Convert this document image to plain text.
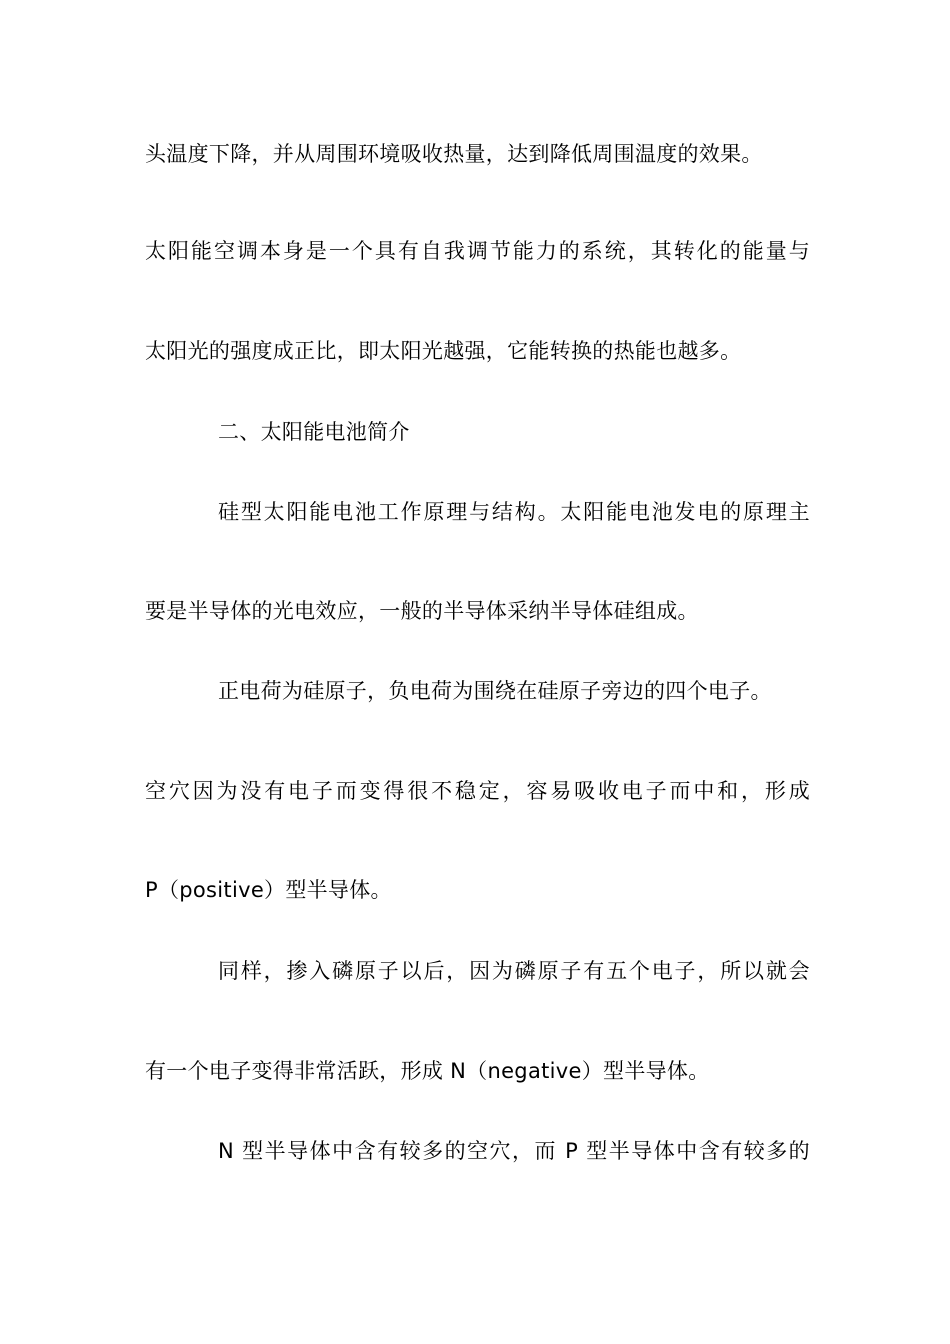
头温度下降，并从周围环境吸收热量，达到降低周围温度的效果。
太阳能空调本身是一个具有自我调节能力的系统，其转化的能量与
太阳光的强度成正比，即太阳光越强，它能转换的热能也越多。
二、太阳能电池简介
硅型太阳能电池工作原理与结构。太阳能电池发电的原理主
要是半导体的光电效应，一般的半导体采纳半导体硅组成。
正电荷为硅原子，负电荷为围绕在硅原子旁边的四个电子。
空穴因为没有电子而变得很不稳定，容易吸收电子而中和，形成
P（positive）型半导体。
同样，掺入磷原子以后，因为磷原子有五个电子，所以就会
有一个电子变得非常活跃，形成 N（negative）型半导体。
N 型半导体中含有较多的空穴，而 P 型半导体中含有较多的
